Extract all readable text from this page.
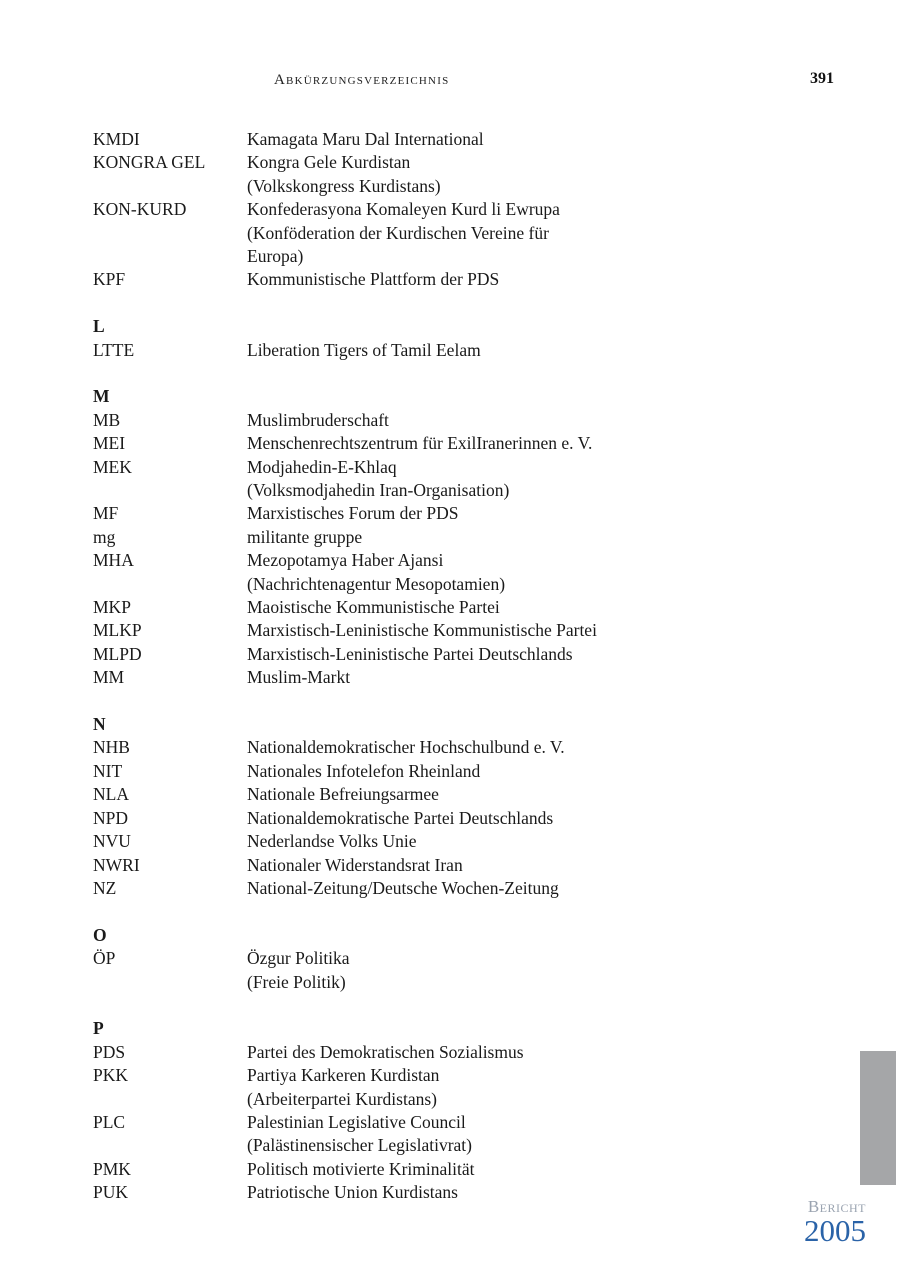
Abkürzungsverzeichnis	391
KMDI	Kamagata Maru Dal International
KONGRA GEL	Kongra Gele Kurdistan
(Volkskongress Kurdistans)
KON-KURD	Konfederasyona Komaleyen Kurd li Ewrupa
(Konföderation der Kurdischen Vereine für
Europa)
KPF	Kommunistische Plattform der PDS
L
LTTE	Liberation Tigers of Tamil Eelam
M
MB	Muslimbruderschaft
MEI	Menschenrechtszentrum für ExilIranerinnen e. V.
MEK	Modjahedin-E-Khlaq
(Volksmodjahedin Iran-Organisation)
MF	Marxistisches Forum der PDS
mg	militante gruppe
MHA	Mezopotamya Haber Ajansi
(Nachrichtenagentur Mesopotamien)
MKP	Maoistische Kommunistische Partei
MLKP	Marxistisch-Leninistische Kommunistische Partei
MLPD	Marxistisch-Leninistische Partei Deutschlands
MM	Muslim-Markt
N
NHB	Nationaldemokratischer Hochschulbund e. V.
NIT	Nationales Infotelefon Rheinland
NLA	Nationale Befreiungsarmee
NPD	Nationaldemokratische Partei Deutschlands
NVU	Nederlandse Volks Unie
NWRI	Nationaler Widerstandsrat Iran
NZ	National-Zeitung/Deutsche Wochen-Zeitung
O
ÖP	Özgur Politika
(Freie Politik)
P
PDS	Partei des Demokratischen Sozialismus
PKK	Partiya Karkeren Kurdistan
(Arbeiterpartei Kurdistans)
PLC	Palestinian Legislative Council
(Palästinensischer Legislativrat)
PMK	Politisch motivierte Kriminalität
PUK	Patriotische Union Kurdistans
Bericht
2005
